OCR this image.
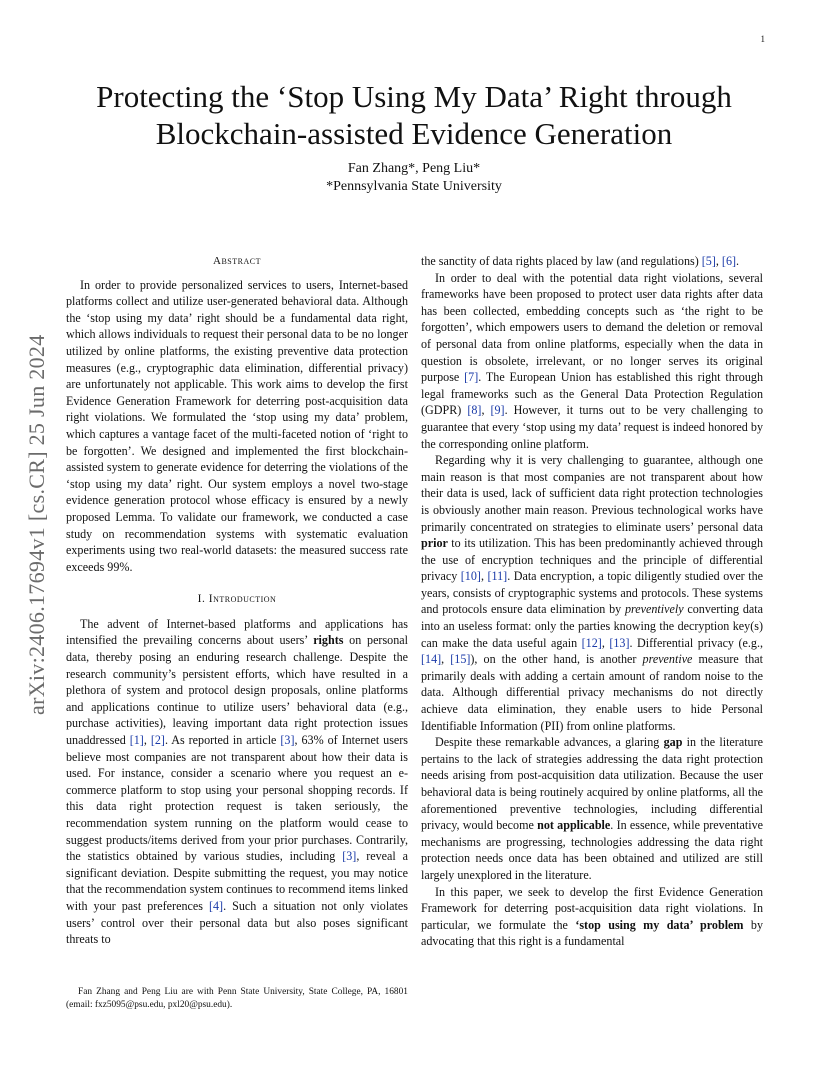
1
arXiv:2406.17694v1 [cs.CR] 25 Jun 2024
Protecting the ‘Stop Using My Data’ Right through Blockchain-assisted Evidence Generation
Fan Zhang*, Peng Liu*
*Pennsylvania State University
Abstract

In order to provide personalized services to users, Internet-based platforms collect and utilize user-generated behavioral data. Although the ‘stop using my data’ right should be a fundamental data right, which allows individuals to request their personal data to be no longer utilized by online platforms, the existing preventive data protection measures (e.g., cryptographic data elimination, differential privacy) are unfortunately not applicable. This work aims to develop the first Evidence Generation Framework for deterring post-acquisition data right violations. We formulated the ‘stop using my data’ problem, which captures a vantage facet of the multi-faceted notion of ‘right to be forgotten’. We designed and implemented the first blockchain-assisted system to generate evidence for deterring the violations of the ‘stop using my data’ right. Our system employs a novel two-stage evidence generation protocol whose efficacy is ensured by a newly proposed Lemma. To validate our framework, we conducted a case study on recommendation systems with systematic evaluation experiments using two real-world datasets: the measured success rate exceeds 99%.

I. Introduction

The advent of Internet-based platforms and applications has intensified the prevailing concerns about users’ rights on personal data, thereby posing an enduring research challenge. Despite the research community’s persistent efforts, which have resulted in a plethora of system and protocol design proposals, online platforms and applications continue to utilize users’ behavioral data (e.g., purchase activities), leaving important data right protection issues unaddressed [1], [2]. As reported in article [3], 63% of Internet users believe most companies are not transparent about how their data is used. For instance, consider a scenario where you request an e-commerce platform to stop using your personal shopping records. If this data right protection request is taken seriously, the recommendation system running on the platform would cease to suggest products/items derived from your prior purchases. Contrarily, the statistics obtained by various studies, including [3], reveal a significant deviation. Despite submitting the request, you may notice that the recommendation system continues to recommend items linked with your past preferences [4]. Such a situation not only violates users’ control over their personal data but also poses significant threats to

the sanctity of data rights placed by law (and regulations) [5], [6].

In order to deal with the potential data right violations, several frameworks have been proposed to protect user data rights after data has been collected, embedding concepts such as ‘the right to be forgotten’, which empowers users to demand the deletion or removal of personal data from online platforms, especially when the data in question is obsolete, irrelevant, or no longer serves its original purpose [7]. The European Union has established this right through legal frameworks such as the General Data Protection Regulation (GDPR) [8], [9]. However, it turns out to be very challenging to guarantee that every ‘stop using my data’ request is indeed honored by the corresponding online platform.

Regarding why it is very challenging to guarantee, although one main reason is that most companies are not transparent about how their data is used, lack of sufficient data right protection technologies is obviously another main reason. Previous technological works have primarily concentrated on strategies to eliminate users’ personal data prior to its utilization. This has been predominantly achieved through the use of encryption techniques and the principle of differential privacy [10], [11]. Data encryption, a topic diligently studied over the years, consists of cryptographic systems and protocols. These systems and protocols ensure data elimination by preventively converting data into an useless format: only the parties knowing the decryption key(s) can make the data useful again [12], [13]. Differential privacy (e.g., [14], [15]), on the other hand, is another preventive measure that primarily deals with adding a certain amount of random noise to the data. Although differential privacy mechanisms do not directly achieve data elimination, they enable users to hide Personal Identifiable Information (PII) from online platforms.

Despite these remarkable advances, a glaring gap in the literature pertains to the lack of strategies addressing the data right protection needs arising from post-acquisition data utilization. Because the user behavioral data is being routinely acquired by online platforms, all the aforementioned preventive technologies, including differential privacy, would become not applicable. In essence, while preventative mechanisms are progressing, technologies addressing the data right protection needs once data has been obtained and utilized are still largely unexplored in the literature.

In this paper, we seek to develop the first Evidence Generation Framework for deterring post-acquisition data right violations. In particular, we formulate the ‘stop using my data’ problem by advocating that this right is a fundamental

Fan Zhang and Peng Liu are with Penn State University, State College, PA, 16801 (email: fxz5095@psu.edu, pxl20@psu.edu).
